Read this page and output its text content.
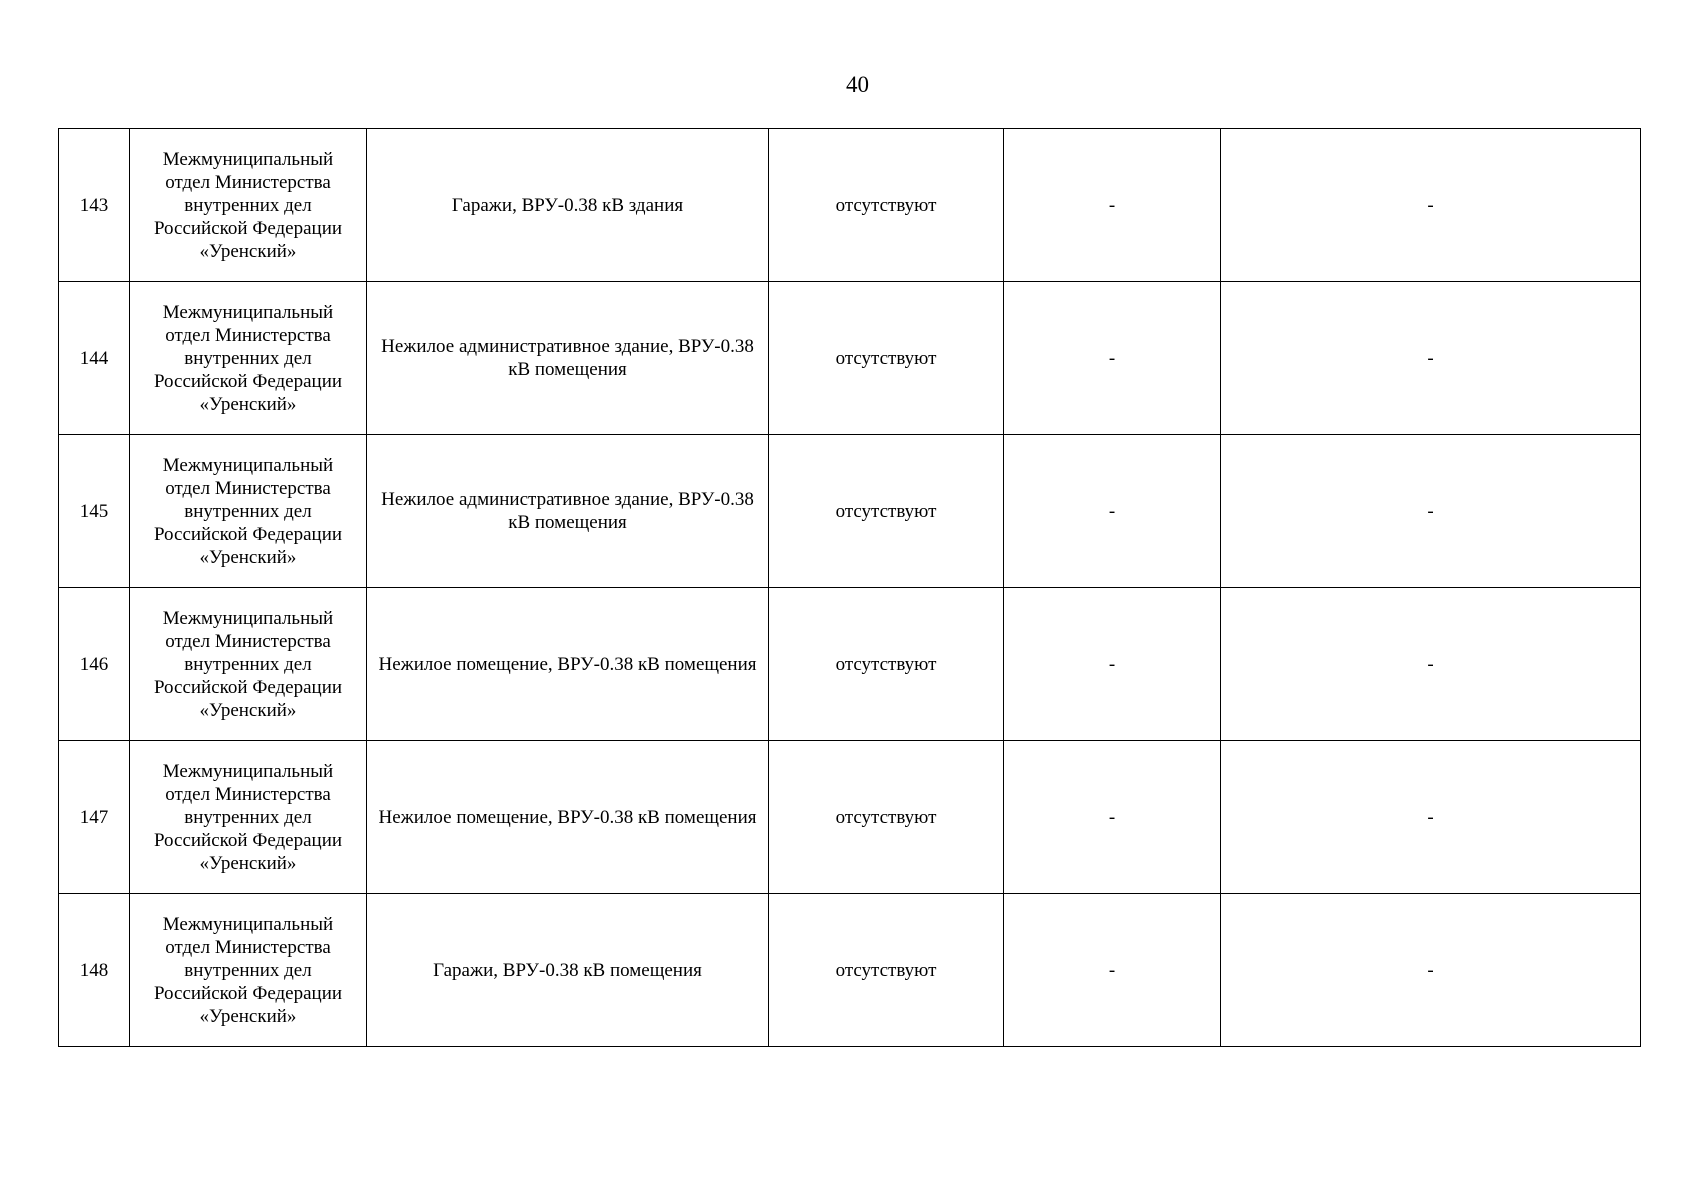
40
143	Межмуниципальный отдел Министерства внутренних дел Российской Федерации «Уренский»	Гаражи, ВРУ-0.38 кВ здания	отсутствуют	-	-
144	Межмуниципальный отдел Министерства внутренних дел Российской Федерации «Уренский»	Нежилое административное здание, ВРУ-0.38 кВ помещения	отсутствуют	-	-
145	Межмуниципальный отдел Министерства внутренних дел Российской Федерации «Уренский»	Нежилое административное здание, ВРУ-0.38 кВ помещения	отсутствуют	-	-
146	Межмуниципальный отдел Министерства внутренних дел Российской Федерации «Уренский»	Нежилое помещение, ВРУ-0.38 кВ помещения	отсутствуют	-	-
147	Межмуниципальный отдел Министерства внутренних дел Российской Федерации «Уренский»	Нежилое помещение, ВРУ-0.38 кВ помещения	отсутствуют	-	-
148	Межмуниципальный отдел Министерства внутренних дел Российской Федерации «Уренский»	Гаражи, ВРУ-0.38 кВ помещения	отсутствуют	-	-
